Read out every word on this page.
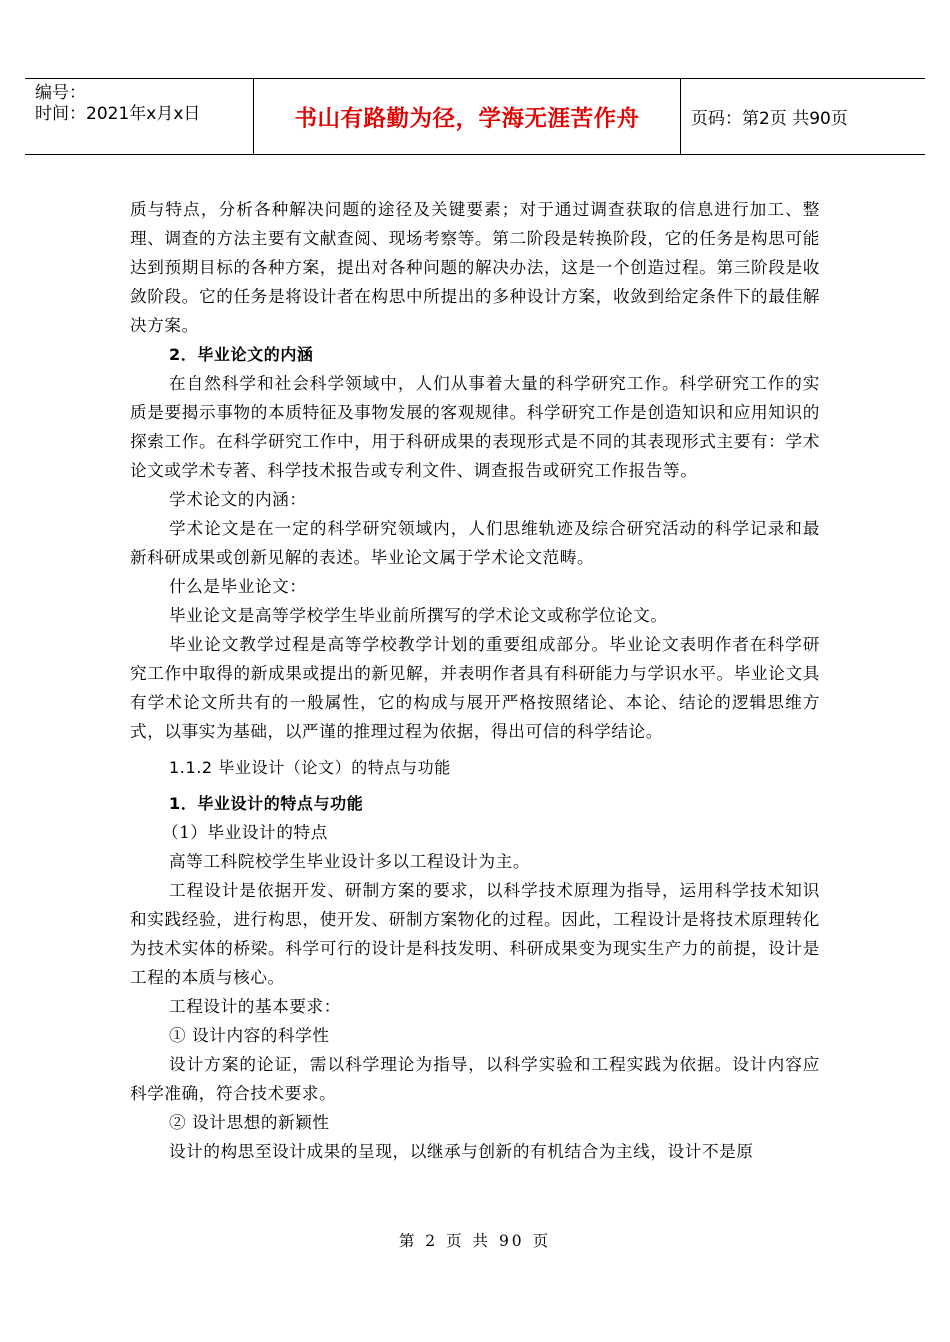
编号：
时间：2021年x月x日	书山有路勤为径，学海无涯苦作舟	页码：第2页 共90页

质与特点，分析各种解决问题的途径及关键要素；对于通过调查获取的信息进行加工、整理、调查的方法主要有文献查阅、现场考察等。第二阶段是转换阶段，它的任务是构思可能达到预期目标的各种方案，提出对各种问题的解决办法，这是一个创造过程。第三阶段是收敛阶段。它的任务是将设计者在构思中所提出的多种设计方案，收敛到给定条件下的最佳解决方案。

2．毕业论文的内涵

在自然科学和社会科学领域中，人们从事着大量的科学研究工作。科学研究工作的实质是要揭示事物的本质特征及事物发展的客观规律。科学研究工作是创造知识和应用知识的探索工作。在科学研究工作中，用于科研成果的表现形式是不同的其表现形式主要有：学术论文或学术专著、科学技术报告或专利文件、调查报告或研究工作报告等。

学术论文的内涵：

学术论文是在一定的科学研究领域内，人们思维轨迹及综合研究活动的科学记录和最新科研成果或创新见解的表述。毕业论文属于学术论文范畴。

什么是毕业论文：

毕业论文是高等学校学生毕业前所撰写的学术论文或称学位论文。

毕业论文教学过程是高等学校教学计划的重要组成部分。毕业论文表明作者在科学研究工作中取得的新成果或提出的新见解，并表明作者具有科研能力与学识水平。毕业论文具有学术论文所共有的一般属性，它的构成与展开严格按照绪论、本论、结论的逻辑思维方式，以事实为基础，以严谨的推理过程为依据，得出可信的科学结论。

1.1.2 毕业设计（论文）的特点与功能

1．毕业设计的特点与功能

（1）毕业设计的特点

高等工科院校学生毕业设计多以工程设计为主。

工程设计是依据开发、研制方案的要求，以科学技术原理为指导，运用科学技术知识和实践经验，进行构思，使开发、研制方案物化的过程。因此，工程设计是将技术原理转化为技术实体的桥梁。科学可行的设计是科技发明、科研成果变为现实生产力的前提，设计是工程的本质与核心。

工程设计的基本要求：

① 设计内容的科学性

设计方案的论证，需以科学理论为指导，以科学实验和工程实践为依据。设计内容应科学准确，符合技术要求。

② 设计思想的新颖性

设计的构思至设计成果的呈现，以继承与创新的有机结合为主线，设计不是原

第 2 页 共 90 页
